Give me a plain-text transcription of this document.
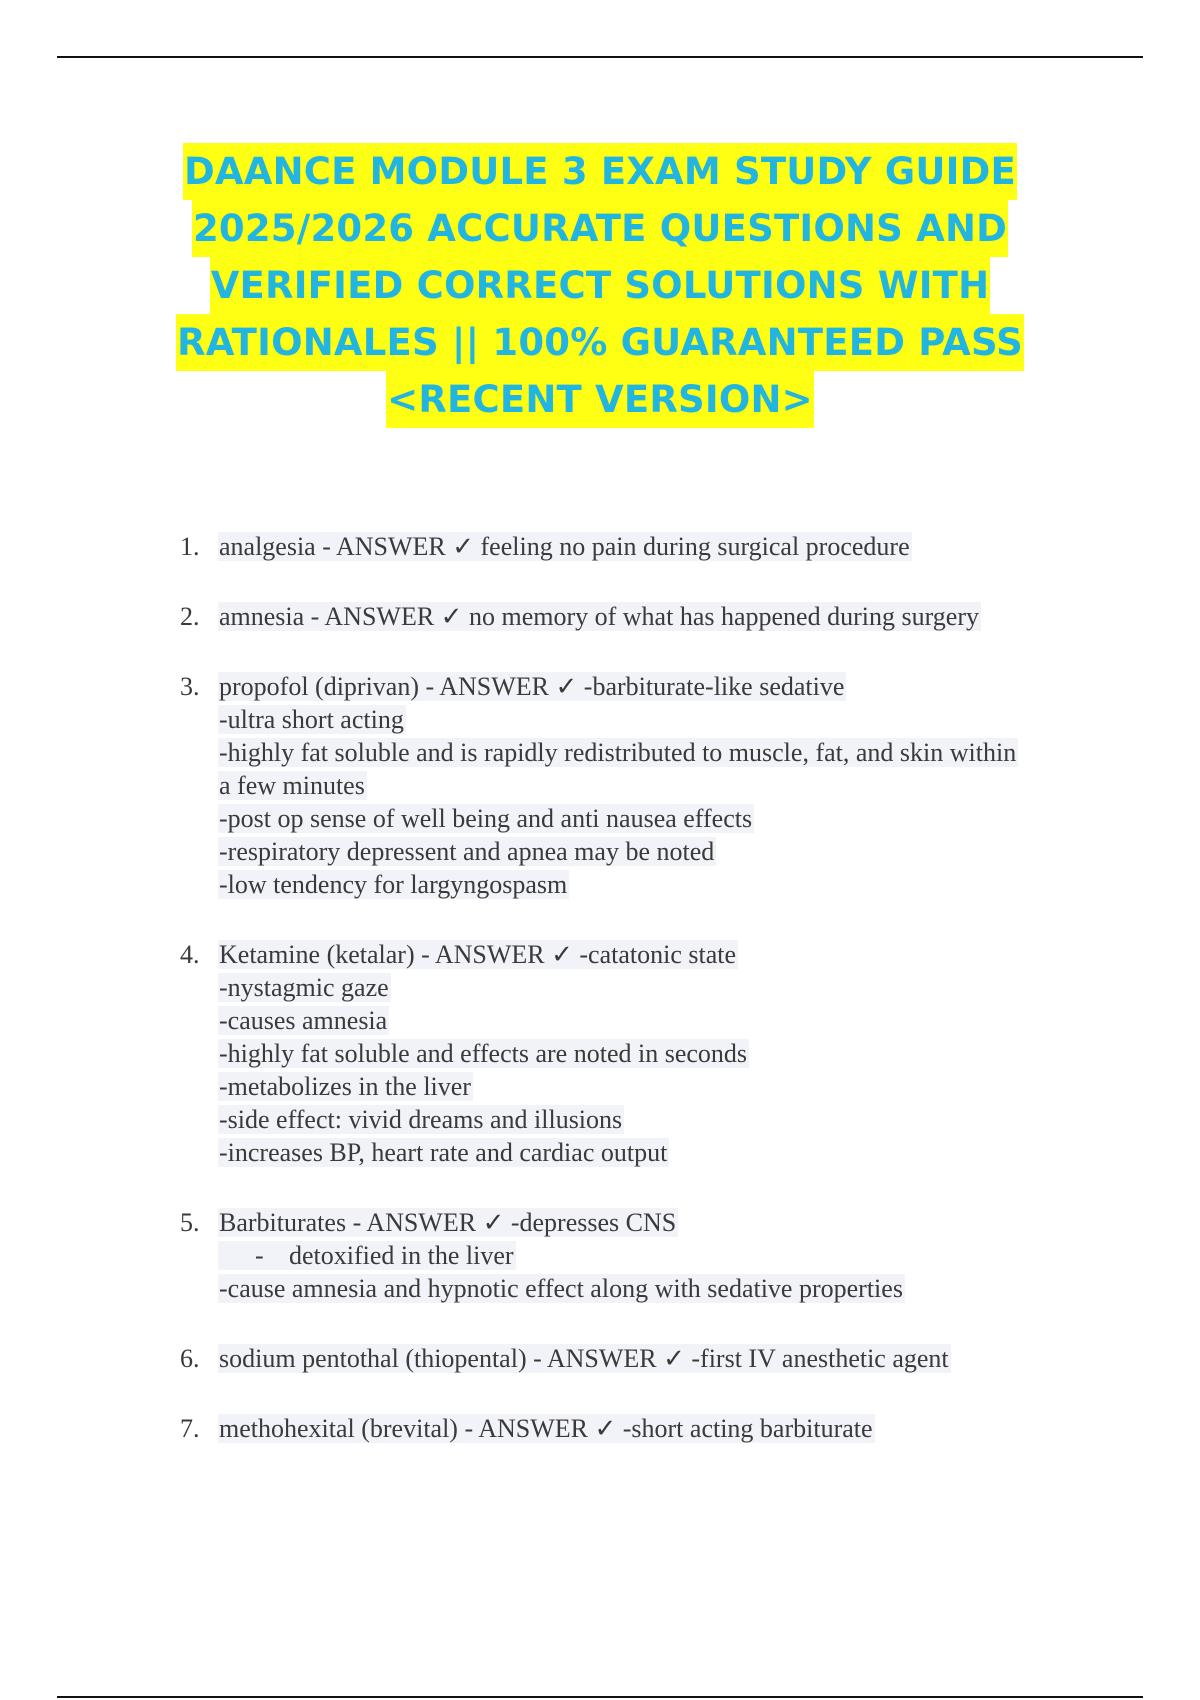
DAANCE MODULE 3 EXAM STUDY GUIDE
2025/2026 ACCURATE QUESTIONS AND
VERIFIED CORRECT SOLUTIONS WITH
RATIONALES || 100% GUARANTEED PASS
<RECENT VERSION>
1. analgesia - ANSWER ✓ feeling no pain during surgical procedure
2. amnesia - ANSWER ✓ no memory of what has happened during surgery
3. propofol (diprivan) - ANSWER ✓ -barbiturate-like sedative
-ultra short acting
-highly fat soluble and is rapidly redistributed to muscle, fat, and skin within
a few minutes
-post op sense of well being and anti nausea effects
-respiratory depressent and apnea may be noted
-low tendency for largyngospasm
4. Ketamine (ketalar) - ANSWER ✓ -catatonic state
-nystagmic gaze
-causes amnesia
-highly fat soluble and effects are noted in seconds
-metabolizes in the liver
-side effect: vivid dreams and illusions
-increases BP, heart rate and cardiac output
5. Barbiturates - ANSWER ✓ -depresses CNS
- detoxified in the liver
-cause amnesia and hypnotic effect along with sedative properties
6. sodium pentothal (thiopental) - ANSWER ✓ -first IV anesthetic agent
7. methohexital (brevital) - ANSWER ✓ -short acting barbiturate
